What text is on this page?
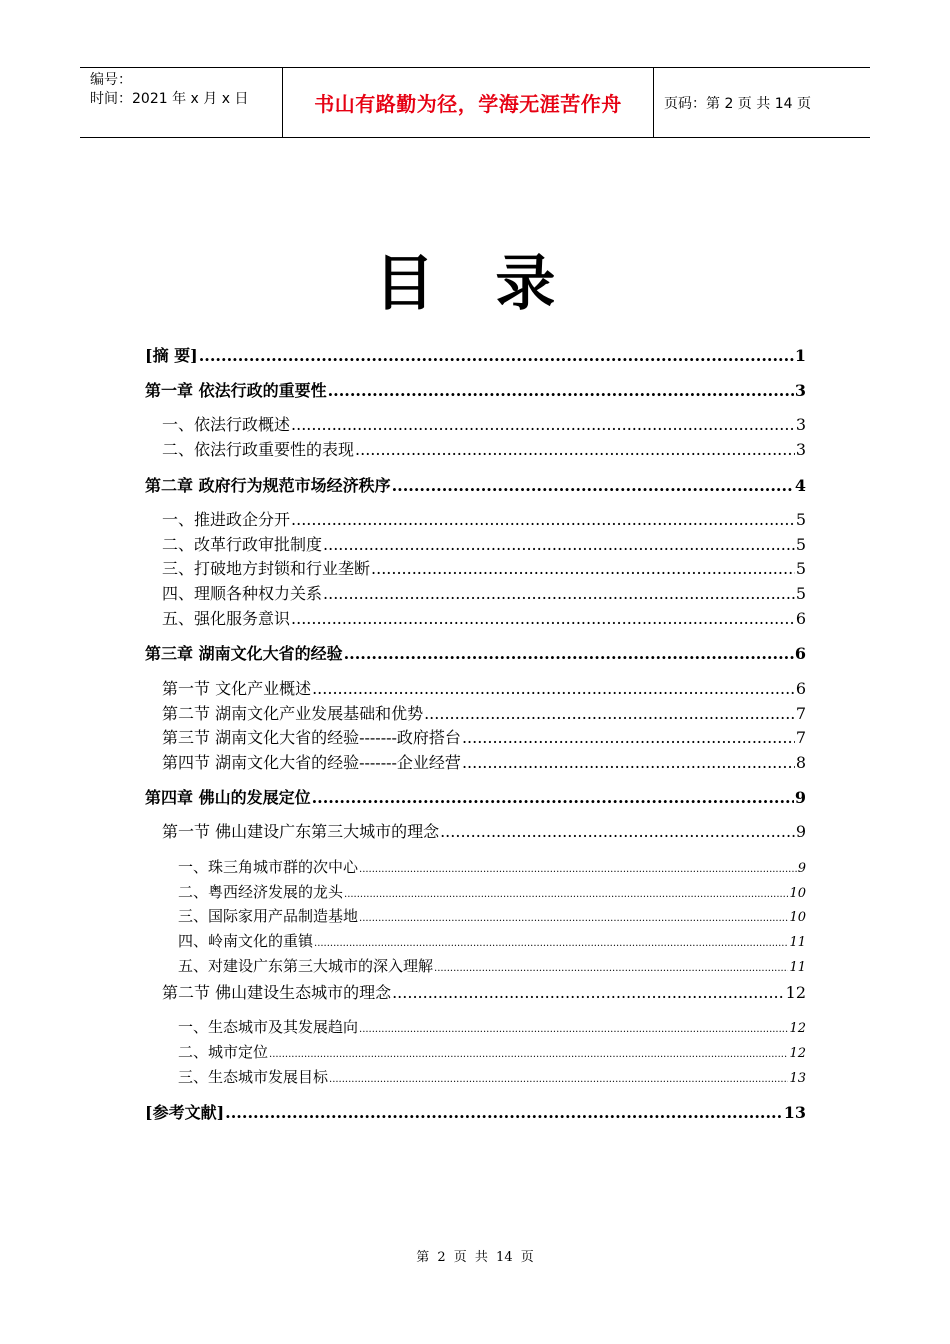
编号：
时间：2021 年 x 月 x 日	书山有路勤为径，学海无涯苦作舟	页码：第 2 页 共 14 页
目 录
[摘 要] .....	1
第一章 依法行政的重要性 .....	3
一、依法行政概述 .....	3
二、依法行政重要性的表现 .....	3
第二章 政府行为规范市场经济秩序 .....	4
一、推进政企分开 .....	5
二、改革行政审批制度 .....	5
三、打破地方封锁和行业垄断 .....	5
四、理顺各种权力关系 .....	5
五、强化服务意识 .....	6
第三章 湖南文化大省的经验 .....	6
第一节 文化产业概述 .....	6
第二节 湖南文化产业发展基础和优势 .....	7
第三节 湖南文化大省的经验-------政府搭台 .....	7
第四节 湖南文化大省的经验-------企业经营 .....	8
第四章 佛山的发展定位 .....	9
第一节 佛山建设广东第三大城市的理念 .....	9
一、珠三角城市群的次中心 .....	9
二、粤西经济发展的龙头 .....	10
三、国际家用产品制造基地 .....	10
四、岭南文化的重镇 .....	11
五、对建设广东第三大城市的深入理解 .....	11
第二节 佛山建设生态城市的理念 .....	12
一、生态城市及其发展趋向 .....	12
二、城市定位 .....	12
三、生态城市发展目标 .....	13
[参考文献] .....	13
第 2 页 共 14 页
